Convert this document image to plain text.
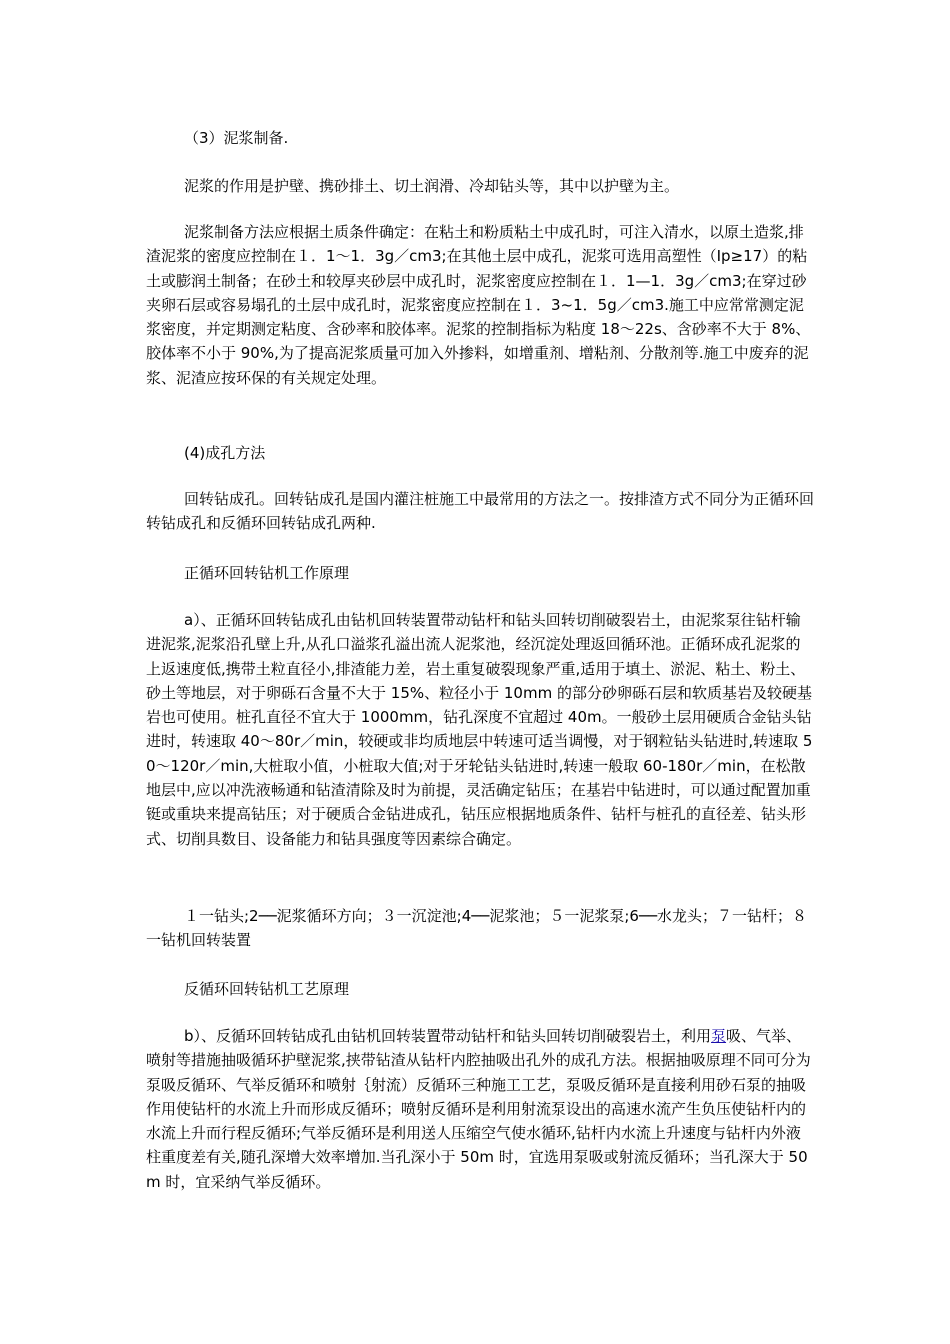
（3）泥浆制备.

泥浆的作用是护壁、携砂排土、切土润滑、冷却钻头等，其中以护壁为主。

泥浆制备方法应根据土质条件确定：在粘土和粉质粘土中成孔时，可注入清水，以原土造浆,排渣泥浆的密度应控制在１．1～1．3g／cm3;在其他土层中成孔，泥浆可选用高塑性（Ip≥17）的粘土或膨润土制备；在砂土和较厚夹砂层中成孔时，泥浆密度应控制在１．1—1．3g／cm3;在穿过砂夹卵石层或容易塌孔的土层中成孔时，泥浆密度应控制在１．3~1．5g／cm3.施工中应常常测定泥浆密度，并定期测定粘度、含砂率和胶体率。泥浆的控制指标为粘度 18～22s、含砂率不大于 8%、胶体率不小于 90%,为了提高泥浆质量可加入外掺料，如增重剂、增粘剂、分散剂等.施工中废弃的泥浆、泥渣应按环保的有关规定处理。

(4)成孔方法

回转钻成孔。回转钻成孔是国内灌注桩施工中最常用的方法之一。按排渣方式不同分为正循环回转钻成孔和反循环回转钻成孔两种.

正循环回转钻机工作原理

a）、正循环回转钻成孔由钻机回转装置带动钻杆和钻头回转切削破裂岩土，由泥浆泵往钻杆输进泥浆,泥浆沿孔壁上升,从孔口溢浆孔溢出流人泥浆池，经沉淀处理返回循环池。正循环成孔泥浆的上返速度低,携带土粒直径小,排渣能力差，岩土重复破裂现象严重,适用于填土、淤泥、粘土、粉土、砂土等地层，对于卵砾石含量不大于 15%、粒径小于 10mm 的部分砂卵砾石层和软质基岩及较硬基岩也可使用。桩孔直径不宜大于 1000mm，钻孔深度不宜超过 40m。一般砂土层用硬质合金钻头钻进时，转速取 40～80r／min，较硬或非均质地层中转速可适当调慢，对于钢粒钻头钻进时,转速取 50～120r／min,大桩取小值，小桩取大值;对于牙轮钻头钻进时,转速一般取 60-180r／min，在松散地层中,应以冲洗液畅通和钻渣清除及时为前提，灵活确定钻压；在基岩中钻进时，可以通过配置加重铤或重块来提高钻压；对于硬质合金钻进成孔，钻压应根据地质条件、钻杆与桩孔的直径差、钻头形式、切削具数目、设备能力和钻具强度等因素综合确定。

１一钻头;2──泥浆循环方向；３一沉淀池;4──泥浆池；５一泥浆泵;6──水龙头；７一钻杆；８一钻机回转装置

反循环回转钻机工艺原理

b）、反循环回转钻成孔由钻机回转装置带动钻杆和钻头回转切削破裂岩土，利用泵吸、气举、喷射等措施抽吸循环护壁泥浆,挟带钻渣从钻杆内腔抽吸出孔外的成孔方法。根据抽吸原理不同可分为泵吸反循环、气举反循环和喷射｛射流）反循环三种施工工艺，泵吸反循环是直接利用砂石泵的抽吸作用使钻杆的水流上升而形成反循环；喷射反循环是利用射流泵设出的高速水流产生负压使钻杆内的水流上升而行程反循环;气举反循环是利用送人压缩空气使水循环,钻杆内水流上升速度与钻杆内外液柱重度差有关,随孔深增大效率增加.当孔深小于 50m 时，宜选用泵吸或射流反循环；当孔深大于 50m 时，宜采纳气举反循环。
